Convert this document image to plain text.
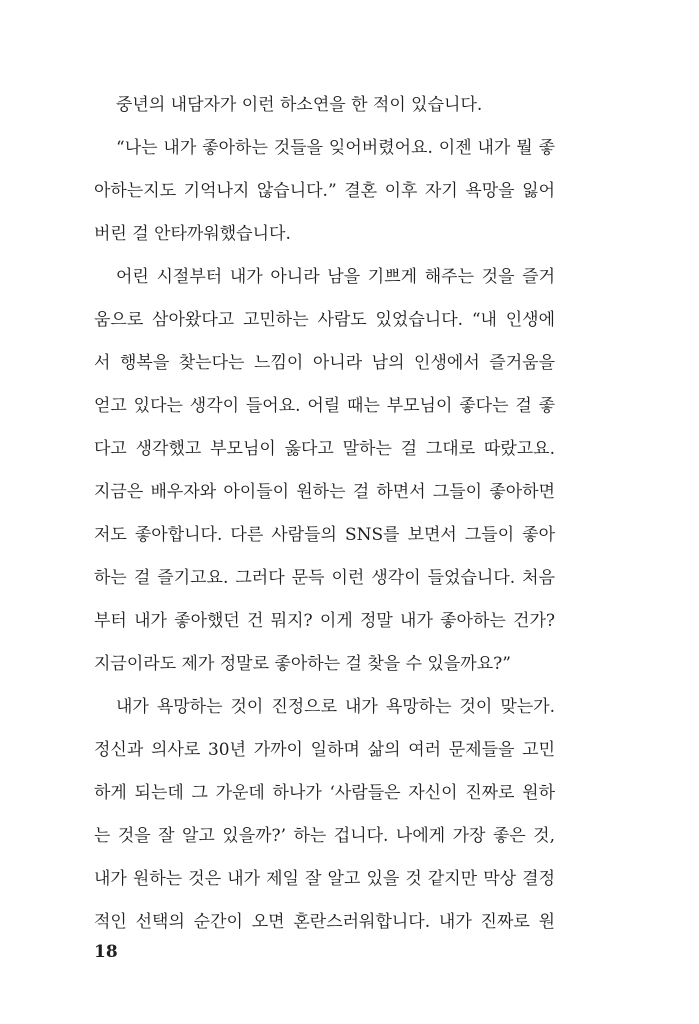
중년의 내담자가 이런 하소연을 한 적이 있습니다.
“나는 내가 좋아하는 것들을 잊어버렸어요. 이젠 내가 뭘 좋
아하는지도 기억나지 않습니다.” 결혼 이후 자기 욕망을 잃어
버린 걸 안타까워했습니다.
어린 시절부터 내가 아니라 남을 기쁘게 해주는 것을 즐거
움으로 삼아왔다고 고민하는 사람도 있었습니다. “내 인생에
서 행복을 찾는다는 느낌이 아니라 남의 인생에서 즐거움을
얻고 있다는 생각이 들어요. 어릴 때는 부모님이 좋다는 걸 좋
다고 생각했고 부모님이 옳다고 말하는 걸 그대로 따랐고요.
지금은 배우자와 아이들이 원하는 걸 하면서 그들이 좋아하면
저도 좋아합니다. 다른 사람들의 SNS를 보면서 그들이 좋아
하는 걸 즐기고요. 그러다 문득 이런 생각이 들었습니다. 처음
부터 내가 좋아했던 건 뭐지? 이게 정말 내가 좋아하는 건가?
지금이라도 제가 정말로 좋아하는 걸 찾을 수 있을까요?”
내가 욕망하는 것이 진정으로 내가 욕망하는 것이 맞는가.
정신과 의사로 30년 가까이 일하며 삶의 여러 문제들을 고민
하게 되는데 그 가운데 하나가 ‘사람들은 자신이 진짜로 원하
는 것을 잘 알고 있을까?’ 하는 겁니다. 나에게 가장 좋은 것,
내가 원하는 것은 내가 제일 잘 알고 있을 것 같지만 막상 결정
적인 선택의 순간이 오면 혼란스러워합니다. 내가 진짜로 원
18
